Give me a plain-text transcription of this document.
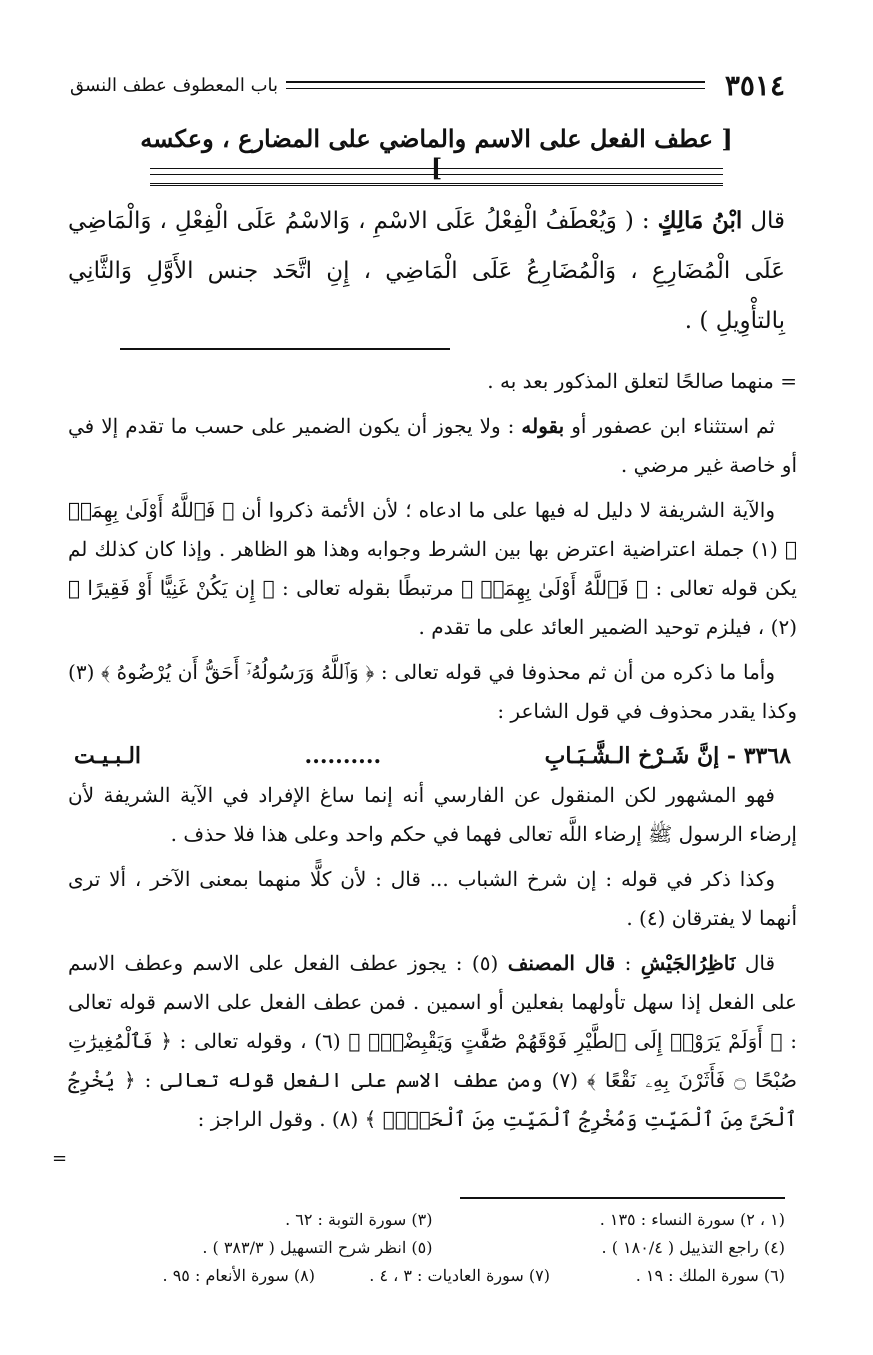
٣٥١٤
باب المعطوف عطف النسق
[ عطف الفعل على الاسم والماضي على المضارع ، وعكسه ]
قال ابْنُ مَالِكٍ : ( وَيُعْطَفُ الْفِعْلُ عَلَى الاسْمِ ، وَالاسْمُ عَلَى الْفِعْلِ ، وَالْمَاضِي عَلَى الْمُضَارِعِ ، وَالْمُضَارِعُ عَلَى الْمَاضِي ، إِنِ اتَّحَد جنس الأَوَّلِ وَالثَّانِي بِالتأْوِيلِ ) .

= منهما صالحًا لتعلق المذكور بعد به .

ثم استثناء ابن عصفور أو بقوله : ولا يجوز أن يكون الضمير على حسب ما تقدم إلا في أو خاصة غير مرضي .

والآية الشريفة لا دليل له فيها على ما ادعاه ؛ لأن الأئمة ذكروا أن ﴿ فَٱللَّهُ أَوْلَىٰ بِهِمَاۖ ﴾ (١) جملة اعتراضية اعترض بها بين الشرط وجوابه وهذا هو الظاهر . وإذا كان كذلك لم يكن قوله تعالى : ﴿ فَٱللَّهُ أَوْلَىٰ بِهِمَاۖ ﴾ مرتبطًا بقوله تعالى : ﴿ إِن يَكُنْ غَنِيًّا أَوْ فَقِيرًا ﴾ (٢) ، فيلزم توحيد الضمير العائد على ما تقدم .

وأما ما ذكره من أن ثم محذوفا في قوله تعالى : ﴿ وَٱللَّهُ وَرَسُولُهُۥٓ أَحَقُّ أَن يُرْضُوهُ ﴾ (٣) وكذا يقدر محذوف في قول الشاعر :

٣٣٦٨ - إنَّ شَـرْخ الـشَّـبَـابِ
..........
الـبـيـت

فهو المشهور لكن المنقول عن الفارسي أنه إنما ساغ الإفراد في الآية الشريفة لأن إرضاء الرسول ﷺ إرضاء اللَّه تعالى فهما في حكم واحد وعلى هذا فلا حذف .

وكذا ذكر في قوله : إن شرخ الشباب ... قال : لأن كلًّا منهما بمعنى الآخر ، ألا ترى أنهما لا يفترقان (٤) .

قال نَاظِرُالجَيْشِ : قال المصنف (٥) : يجوز عطف الفعل على الاسم وعطف الاسم على الفعل إذا سهل تأولهما بفعلين أو اسمين . فمن عطف الفعل على الاسم قوله تعالى : ﴿ أَوَلَمْ يَرَوْا۟ إِلَى ٱلطَّيْرِ فَوْقَهُمْ صَٰٓفَّٰتٍ وَيَقْبِضْنَۚ ﴾ (٦) ، وقوله تعالى : ﴿ فَٱلْمُغِيرَٰتِ صُبْحًا ۝ فَأَثَرْنَ بِهِۦ نَقْعًا ﴾ (٧) ومن عطف الاسم على الفعل قوله تعالى : ﴿ يُخْرِجُ ٱلْحَىَّ مِنَ ٱلْمَيِّتِ وَمُخْرِجُ ٱلْمَيِّتِ مِنَ ٱلْحَىِّۚ ﴾ (٨) . وقول الراجز :

=
(١ ، ٢) سورة النساء : ١٣٥ .
(٣) سورة التوبة : ٦٢ .
(٤) راجع التذييل ( ١٨٠/٤ ) .
(٥) انظر شرح التسهيل ( ٣٨٣/٣ ) .
(٦) سورة الملك : ١٩ .
(٧) سورة العاديات : ٣ ، ٤ .
(٨) سورة الأنعام : ٩٥ .
